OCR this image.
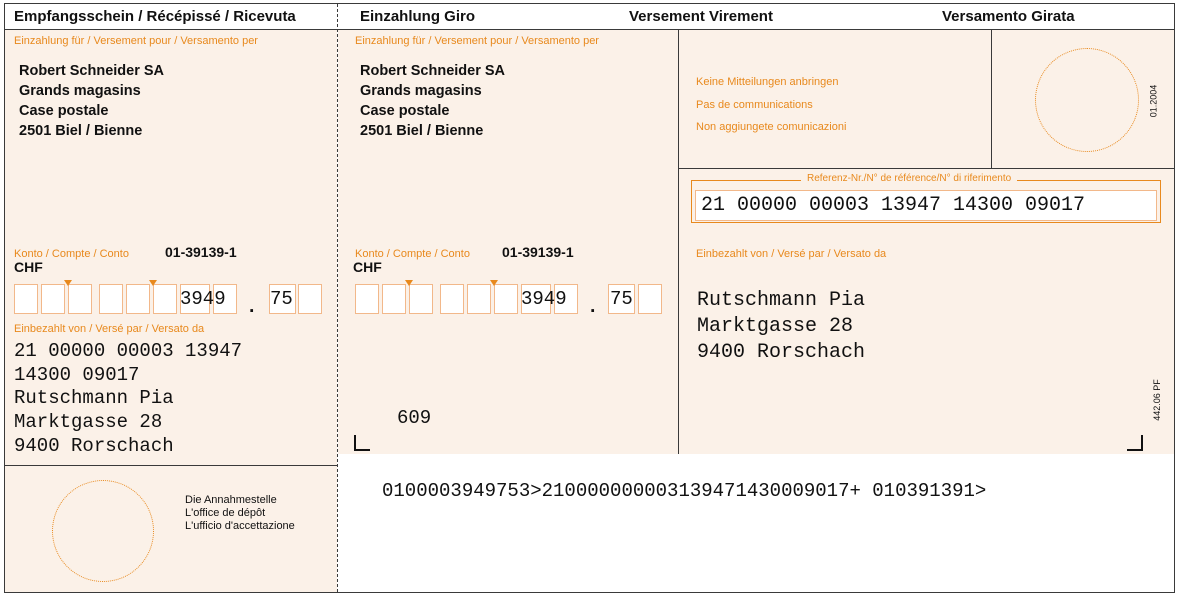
Empfangsschein / Récépissé / Ricevuta
Einzahlung für / Versement pour / Versamento per
Robert Schneider SA
Grands magasins
Case postale
2501 Biel / Bienne
Konto / Compte / Conto	01-39139-1
CHF
3949 . 75
Einbezahlt von / Versé par / Versato da
21 00000 00003 13947
14300 09017
Rutschmann Pia
Marktgasse 28
9400 Rorschach
Die Annahmestelle
L'office de dépôt
L'ufficio d'accettazione
Einzahlung Giro	Versement Virement	Versamento Girata
Einzahlung für / Versement pour / Versamento per
Robert Schneider SA
Grands magasins
Case postale
2501 Biel / Bienne
Keine Mitteilungen anbringen
Pas de communications
Non aggiungete comunicazioni
01.2004
Referenz-Nr./N° de référence/N° di riferimento
21 00000 00003 13947 14300 09017
Konto / Compte / Conto 01-39139-1
CHF
3949 . 75
609
Einbezahlt von / Versé par / Versato da
Rutschmann Pia
Marktgasse 28
9400 Rorschach
442.06 PF
0100003949753>210000000003139471430009017+ 010391391>
